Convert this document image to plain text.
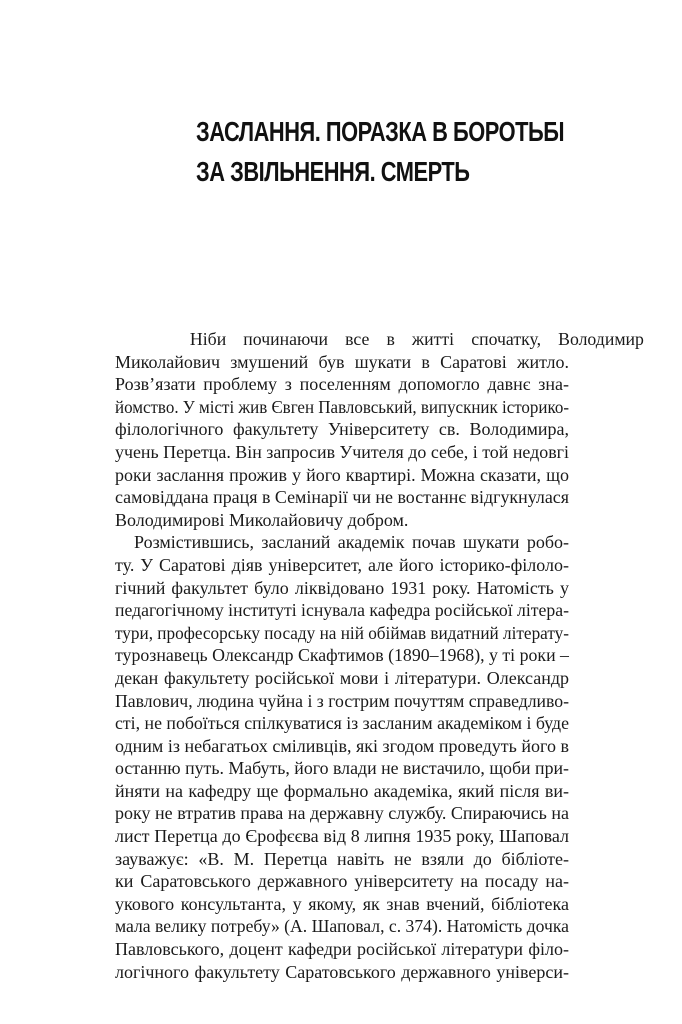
ЗАСЛАННЯ. ПОРАЗКА В БОРОТЬБІ
ЗА ЗВІЛЬНЕННЯ. СМЕРТЬ
Ніби починаючи все в житті спочатку, Володимир
Миколайович змушений був шукати в Саратові житло.
Розв’язати проблему з поселенням допомогло давнє зна-
йомство. У місті жив Євген Павловський, випускник історико-
філологічного факультету Університету св. Володимира,
учень Перетца. Він запросив Учителя до себе, і той недовгі
роки заслання прожив у його квартирі. Можна сказати, що
самовіддана праця в Семінарії чи не востаннє відгукнулася
Володимирові Миколайовичу добром.
Розмістившись, засланий академік почав шукати робо-
ту. У Саратові діяв університет, але його історико-філоло-
гічний факультет було ліквідовано 1931 року. Натомість у
педагогічному інституті існувала кафедра російської літера-
тури, професорську посаду на ній обіймав видатний літерату-
турознавець Олександр Скафтимов (1890–1968), у ті роки –
декан факультету російської мови і літератури. Олександр
Павлович, людина чуйна і з гострим почуттям справедливо-
сті, не побоїться спілкуватися із засланим академіком і буде
одним із небагатьох сміливців, які згодом проведуть його в
останню путь. Мабуть, його влади не вистачило, щоби при-
йняти на кафедру ще формально академіка, який після ви-
року не втратив права на державну службу. Спираючись на
лист Перетца до Єрофєєва від 8 липня 1935 року, Шаповал
зауважує: «В. М. Перетца навіть не взяли до бібліоте-
ки Саратовського державного університету на посаду на-
укового консультанта, у якому, як знав вчений, бібліотека
мала велику потребу» (А. Шаповал, с. 374). Натомість дочка
Павловського, доцент кафедри російської літератури філо-
логічного факультету Саратовського державного універси-
